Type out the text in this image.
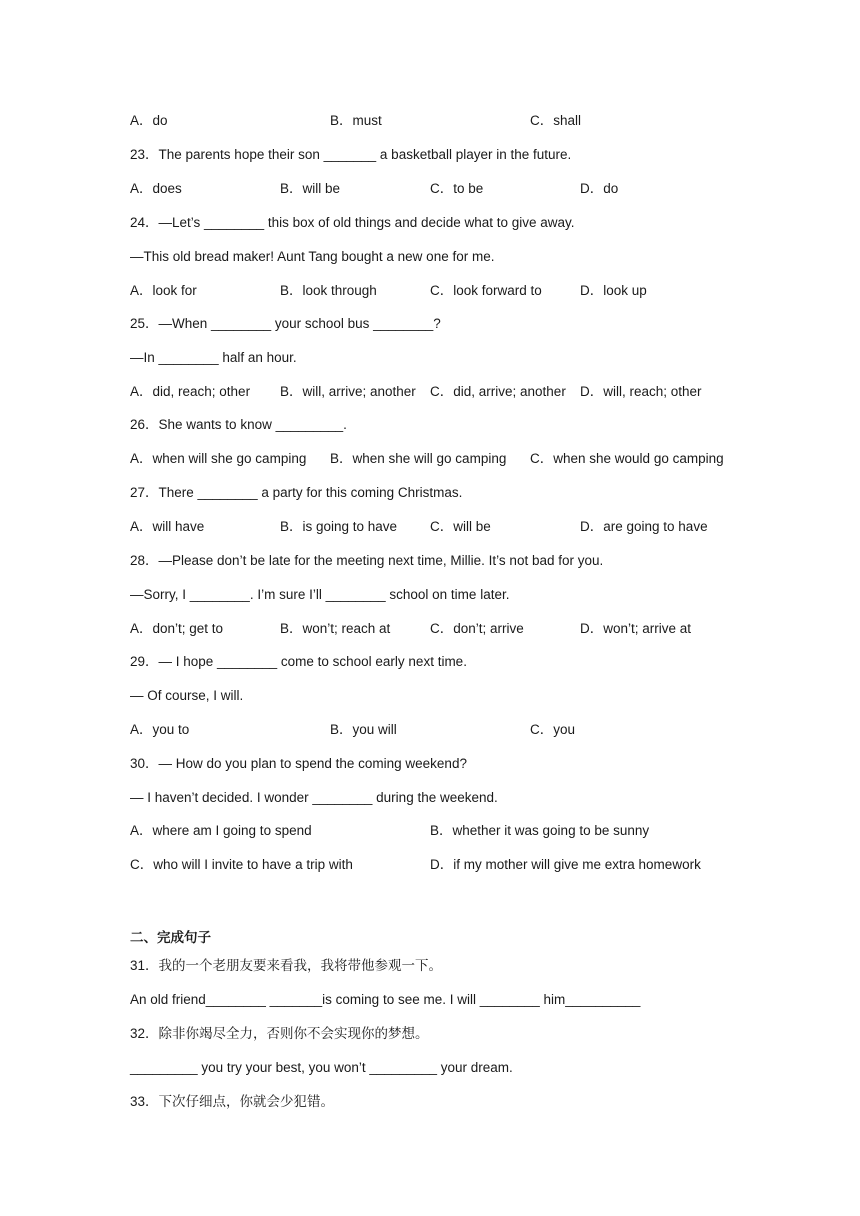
A．do	B．must	C．shall
23．The parents hope their son _______ a basketball player in the future.
A．does	B．will be	C．to be	D．do
24．—Let’s ________ this box of old things and decide what to give away.
—This old bread maker! Aunt Tang bought a new one for me.
A．look for	B．look through	C．look forward to	D．look up
25．—When ________ your school bus ________?
—In ________ half an hour.
A．did, reach; other B．will, arrive; another C．did, arrive; another D．will, reach; other
26．She wants to know _________.
A．when will she go camping B．when she will go camping C．when she would go camping
27．There ________ a party for this coming Christmas.
A．will have	B．is going to have C．will be	D．are going to have
28．—Please don’t be late for the meeting next time, Millie. It’s not bad for you.
—Sorry, I ________. I’m sure I’ll ________ school on time later.
A．don’t; get to	B．won’t; reach at	C．don’t; arrive	D．won’t; arrive at
29．— I hope ________ come to school early next time.
— Of course, I will.
A．you to	B．you will	C．you
30．— How do you plan to spend the coming weekend?
— I haven’t decided. I wonder ________ during the weekend.
A．where am I going to spend	B．whether it was going to be sunny
C．who will I invite to have a trip with	D．if my mother will give me extra homework
二、完成句子
31．我的一个老朋友要来看我，我将带他参观一下。
An old friend________ _______is coming to see me. I will ________ him__________
32．除非你竭尽全力，否则你不会实现你的梦想。
_________ you try your best, you won’t _________ your dream.
33．下次仔细点，你就会少犯错。
